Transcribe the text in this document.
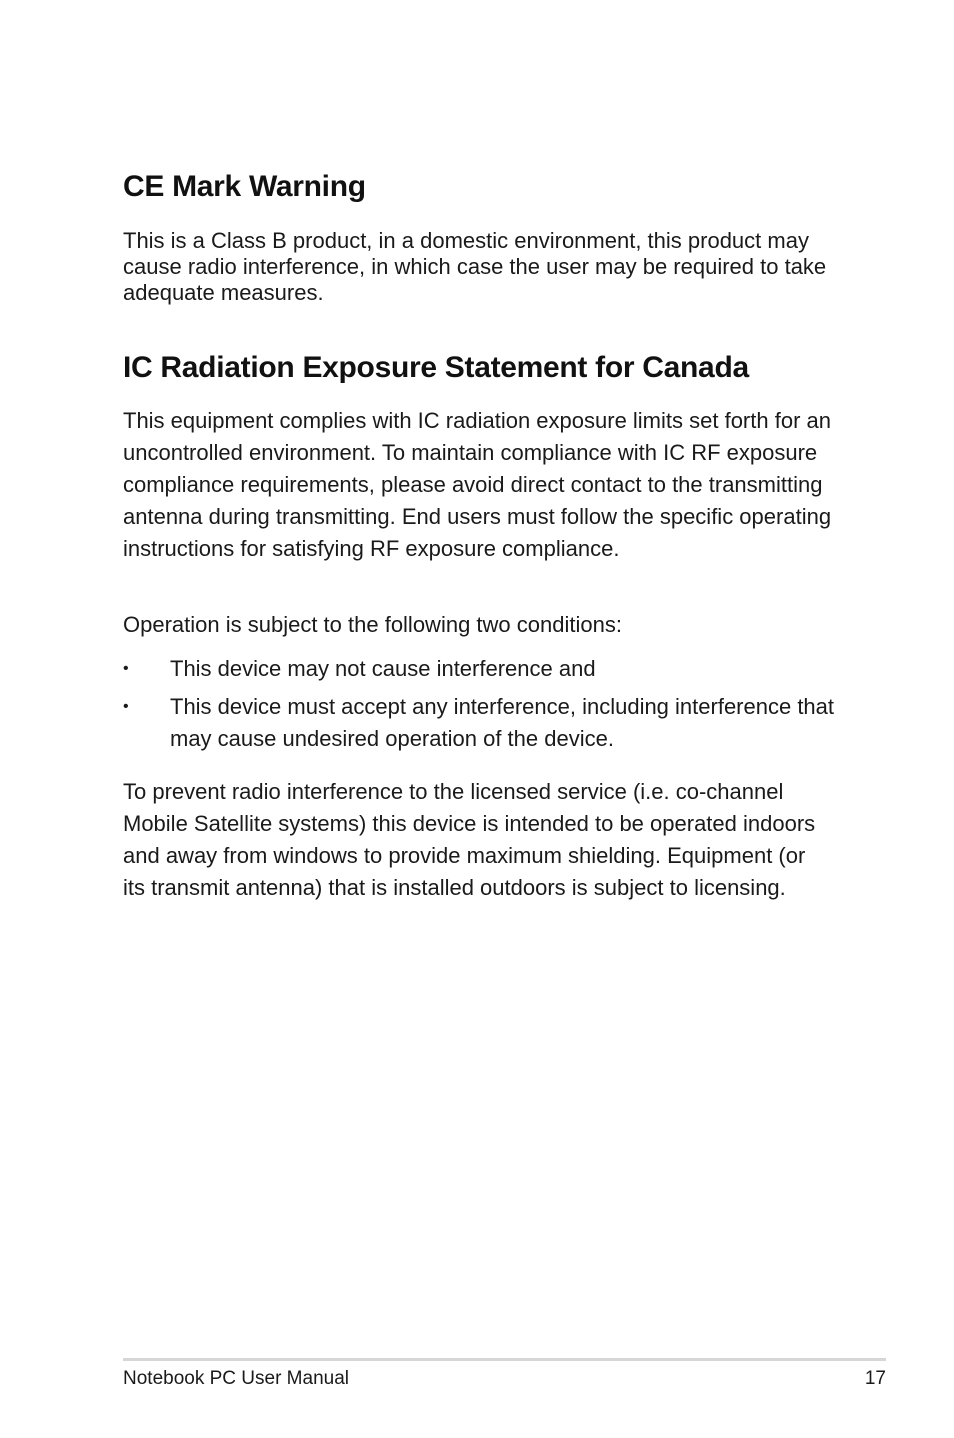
CE Mark Warning

This is a Class B product, in a domestic environment, this product may cause radio interference, in which case the user may be required to take adequate measures.

IC Radiation Exposure Statement for Canada

This equipment complies with IC radiation exposure limits set forth for an uncontrolled environment. To maintain compliance with IC RF exposure compliance requirements, please avoid direct contact to the transmitting antenna during transmitting. End users must follow the specific operating instructions for satisfying RF exposure compliance.

Operation is subject to the following two conditions:

• This device may not cause interference and
• This device must accept any interference, including interference that may cause undesired operation of the device.

To prevent radio interference to the licensed service (i.e. co-channel Mobile Satellite systems) this device is intended to be operated indoors and away from windows to provide maximum shielding. Equipment (or its transmit antenna) that is installed outdoors is subject to licensing.

Notebook PC User Manual	17
